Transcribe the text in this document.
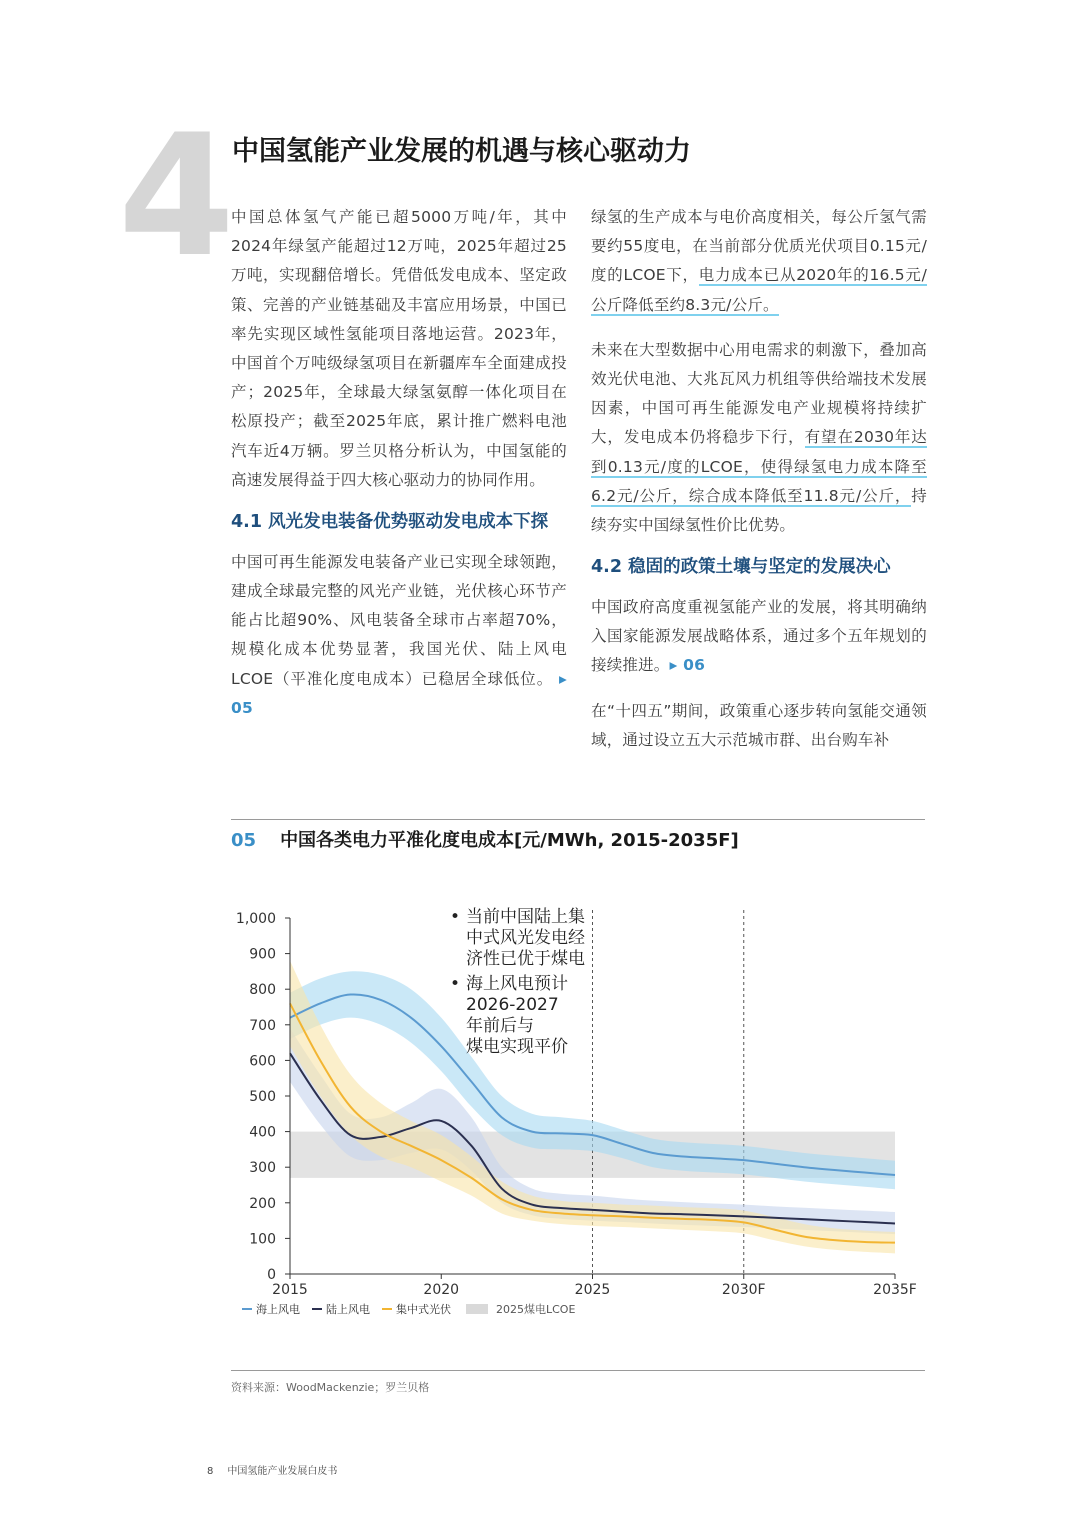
4 中国氢能产业发展的机遇与核心驱动力

中国总体氢气产能已超5000万吨/年，其中2024年绿氢产能超过12万吨，2025年超过25万吨，实现翻倍增长。凭借低发电成本、坚定政策、完善的产业链基础及丰富应用场景，中国已率先实现区域性氢能项目落地运营。2023年，中国首个万吨级绿氢项目在新疆库车全面建成投产；2025年，全球最大绿氢氨醇一体化项目在松原投产；截至2025年底，累计推广燃料电池汽车近4万辆。罗兰贝格分析认为，中国氢能的高速发展得益于四大核心驱动力的协同作用。

4.1 风光发电装备优势驱动发电成本下探

中国可再生能源发电装备产业已实现全球领跑，建成全球最完整的风光产业链，光伏核心环节产能占比超90%、风电装备全球市占率超70%，规模化成本优势显著，我国光伏、陆上风电LCOE（平准化度电成本）已稳居全球低位。 ▸ 05

绿氢的生产成本与电价高度相关，每公斤氢气需要约55度电，在当前部分优质光伏项目0.15元/度的LCOE下，电力成本已从2020年的16.5元/公斤降低至约8.3元/公斤。

未来在大型数据中心用电需求的刺激下，叠加高效光伏电池、大兆瓦风力机组等供给端技术发展因素，中国可再生能源发电产业规模将持续扩大，发电成本仍将稳步下行，有望在2030年达到0.13元/度的LCOE，使得绿氢电力成本降至6.2元/公斤，综合成本降低至11.8元/公斤，持续夯实中国绿氢性价比优势。

4.2 稳固的政策土壤与坚定的发展决心

中国政府高度重视氢能产业的发展，将其明确纳入国家能源发展战略体系，通过多个五年规划的接续推进。▸ 06

在“十四五”期间，政策重心逐步转向氢能交通领域，通过设立五大示范城市群、出台购车补

05 中国各类电力平准化度电成本[元/MWh, 2015-2035F]
0
100
200
300
400
500
600
700
800
900
1,000
2015	2020	2025	2030F	2035F
• 当前中国陆上集中式风光发电经济性已优于煤电
• 海上风电预计 2026-2027 年前后与煤电实现平价
海上风电 陆上风电 集中式光伏	2025煤电LCOE
资料来源：WoodMackenzie；罗兰贝格
8 中国氢能产业发展白皮书
